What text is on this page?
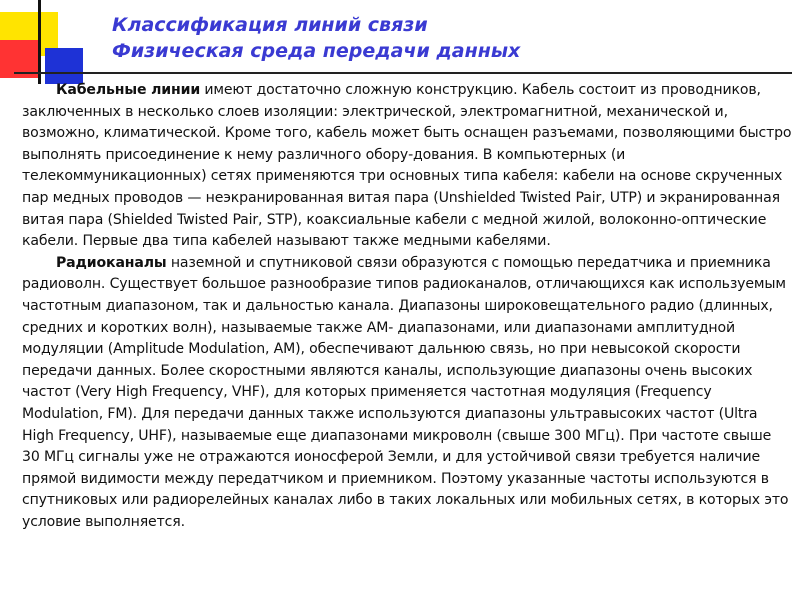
Классификация линий связи
Физическая среда передачи данных

Кабельные линии имеют достаточно сложную конструкцию. Кабель состоит из проводников, заключенных в несколько слоев изоляции: электрической, электромагнитной, механической и, возможно, климатической. Кроме того, кабель может быть оснащен разъемами, позволяющими быстро выполнять присоединение к нему различного обору-дования. В компьютерных (и телекоммуникационных) сетях применяются три основных типа кабеля: кабели на основе скрученных пар медных проводов — неэкранированная витая пара (Unshielded Twisted Pair, UTP) и экранированная витая пара (Shielded Twisted Pair, STP), коаксиальные кабели с медной жилой, волоконно-оптические кабели. Первые два типа кабелей называют также медными кабелями.

Радиоканалы наземной и спутниковой связи образуются с помощью передатчика и приемника радиоволн. Существует большое разнообразие типов радиоканалов, отличающихся как используемым частотным диапазоном, так и дальностью канала. Диапазоны широковещательного радио (длинных, средних и коротких волн), называемые также АМ- диапазонами, или диапазонами амплитудной модуляции (Amplitude Modulation, AM), обеспечивают дальнюю связь, но при невысокой скорости передачи данных. Более скоростными являются каналы, использующие диапазоны очень высоких частот (Very High Frequency, VHF), для которых применяется частотная модуляция (Frequency Modulation, FM). Для передачи данных также используются диапазоны ультравысоких частот (Ultra High Frequency, UHF), называемые еще диапазонами микроволн (свыше 300 МГц). При частоте свыше 30 МГц сигналы уже не отражаются ионосферой Земли, и для устойчивой связи требуется наличие прямой видимости между передатчиком и приемником. Поэтому указанные частоты используются в спутниковых или радиорелейных каналах либо в таких локальных или мобильных сетях, в которых это условие выполняется.
